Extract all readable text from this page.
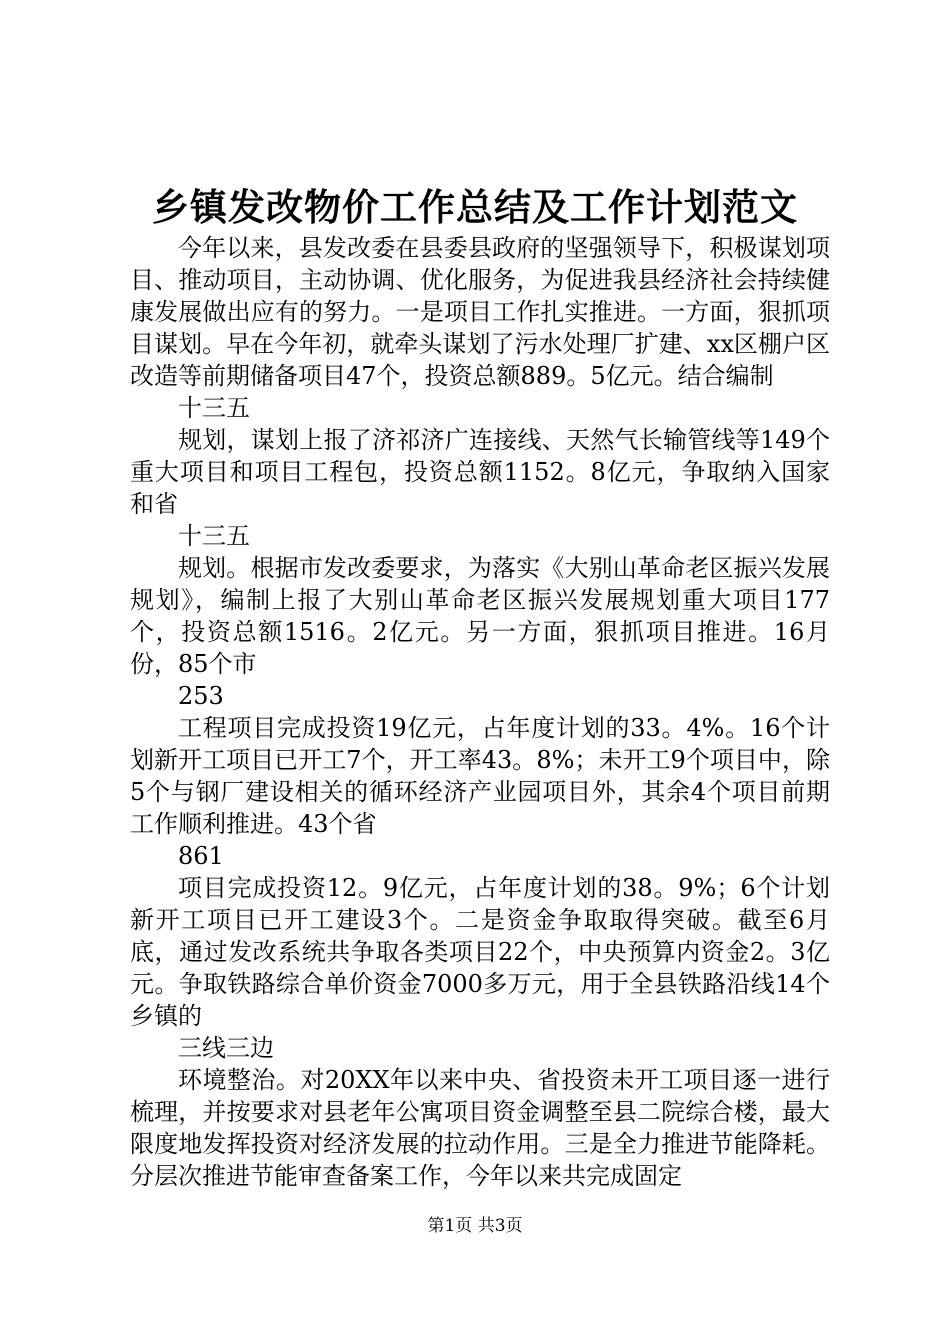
乡镇发改物价工作总结及工作计划范文

今年以来，县发改委在县委县政府的坚强领导下，积极谋划项目、推动项目，主动协调、优化服务，为促进我县经济社会持续健康发展做出应有的努力。一是项目工作扎实推进。一方面，狠抓项目谋划。早在今年初，就牵头谋划了污水处理厂扩建、xx区棚户区改造等前期储备项目47个，投资总额889。5亿元。结合编制

十三五

规划，谋划上报了济祁济广连接线、天然气长输管线等149个重大项目和项目工程包，投资总额1152。8亿元，争取纳入国家和省

十三五

规划。根据市发改委要求，为落实《大别山革命老区振兴发展规划》，编制上报了大别山革命老区振兴发展规划重大项目177个，投资总额1516。2亿元。另一方面，狠抓项目推进。16月份，85个市

253

工程项目完成投资19亿元，占年度计划的33。4%。16个计划新开工项目已开工7个，开工率43。8%；未开工9个项目中，除5个与钢厂建设相关的循环经济产业园项目外，其余4个项目前期工作顺利推进。43个省

861

项目完成投资12。9亿元，占年度计划的38。9%；6个计划新开工项目已开工建设3个。二是资金争取取得突破。截至6月底，通过发改系统共争取各类项目22个，中央预算内资金2。3亿元。争取铁路综合单价资金7000多万元，用于全县铁路沿线14个乡镇的

三线三边

环境整治。对20XX年以来中央、省投资未开工项目逐一进行梳理，并按要求对县老年公寓项目资金调整至县二院综合楼，最大限度地发挥投资对经济发展的拉动作用。三是全力推进节能降耗。分层次推进节能审查备案工作，今年以来共完成固定

第1页 共3页
